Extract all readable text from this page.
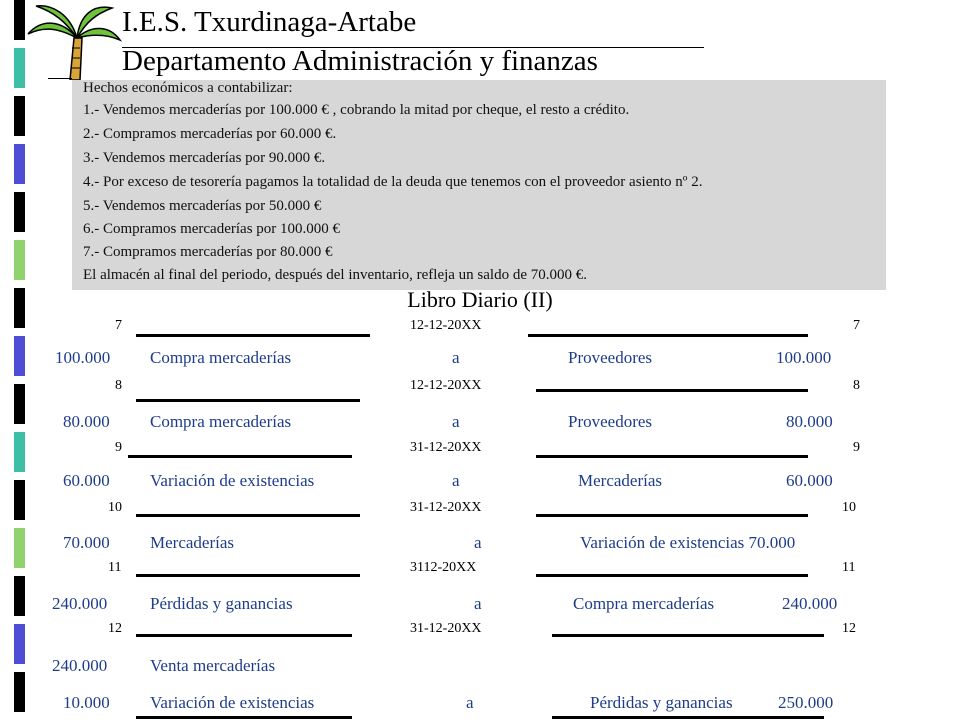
I.E.S. Txurdinaga-Artabe
Departamento Administración y finanzas
Hechos económicos a contabilizar:
1.- Vendemos mercaderías por 100.000 € , cobrando la mitad por cheque, el resto a crédito.
2.- Compramos mercaderías por 60.000 €.
3.- Vendemos mercaderías por 90.000 €.
4.- Por exceso de tesorería pagamos la totalidad de la deuda que tenemos con el proveedor asiento nº 2.
5.- Vendemos mercaderías por 50.000 €
6.- Compramos mercaderías por 100.000 €
7.- Compramos mercaderías por 80.000 €
El almacén al final del periodo, después del inventario, refleja un saldo de 70.000 €.
Libro Diario (II)
7	12-12-20XX	7
100.000 Compra mercaderías	a	Proveedores	100.000
8	12-12-20XX	8
80.000 Compra mercaderías	a	Proveedores	80.000
9	31-12-20XX	9
60.000 Variación de existencias	a	Mercaderías	60.000
10	31-12-20XX	10
70.000 Mercaderías	a	Variación de existencias 70.000
11	3112-20XX	11
240.000	Pérdidas y ganancias	a	Compra mercaderías	240.000
12	31-12-20XX	12
240.000	Venta mercaderías
10.000 Variación de existencias	a	Pérdidas y ganancias	250.000
